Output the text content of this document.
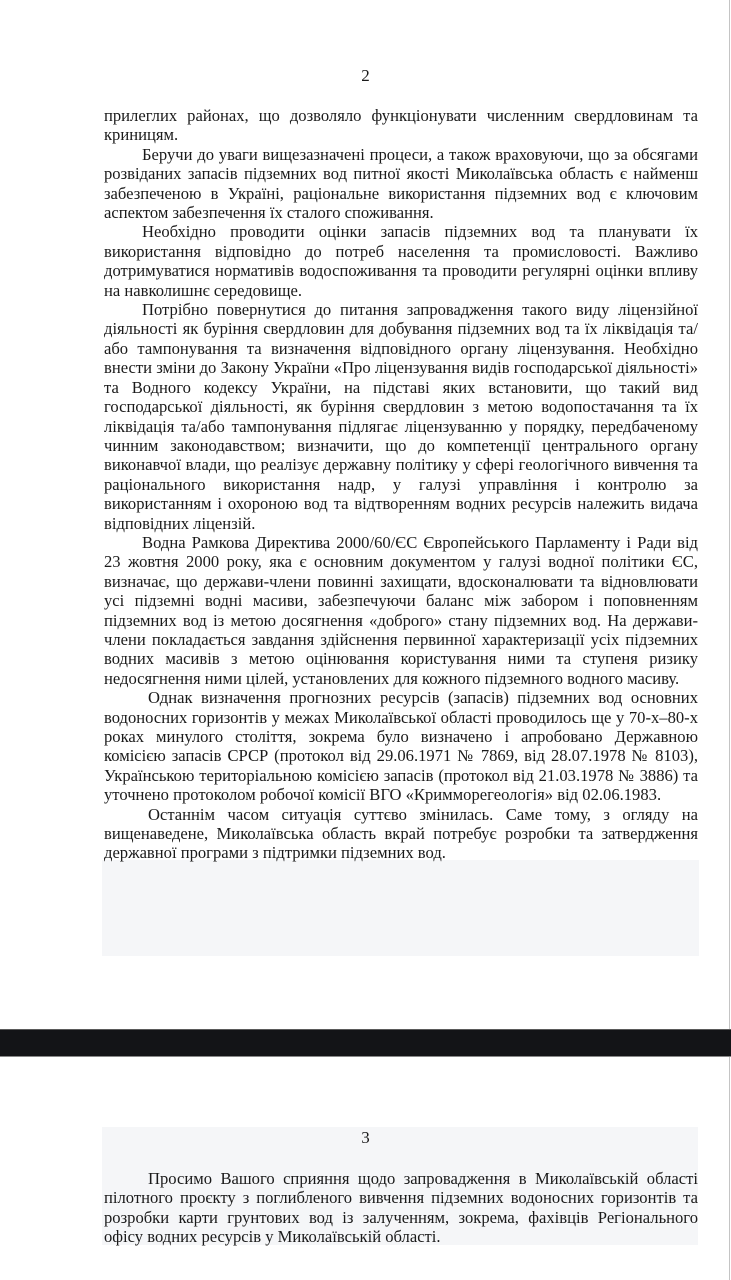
2

прилеглих районах, що дозволяло функціонувати численним свердловинам та криницям.

Беручи до уваги вищезазначені процеси, а також враховуючи, що за обсягами розвіданих запасів підземних вод питної якості Миколаївська область є найменш забезпеченою в Україні, раціональне використання підземних вод є ключовим аспектом забезпечення їх сталого споживання.

Необхідно проводити оцінки запасів підземних вод та планувати їх використання відповідно до потреб населення та промисловості. Важливо дотримуватися нормативів водоспоживання та проводити регулярні оцінки впливу на навколишнє середовище.

Потрібно повернутися до питання запровадження такого виду ліцензійної діяльності як буріння свердловин для добування підземних вод та їх ліквідація та/або тампонування та визначення відповідного органу ліцензування. Необхідно внести зміни до Закону України «Про ліцензування видів господарської діяльності» та Водного кодексу України, на підставі яких встановити, що такий вид господарської діяльності, як буріння свердловин з метою водопостачання та їх ліквідація та/або тампонування підлягає ліцензуванню у порядку, передбаченому чинним законодавством; визначити, що до компетенції центрального органу виконавчої влади, що реалізує державну політику у сфері геологічного вивчення та раціонального використання надр, у галузі управління і контролю за використанням і охороною вод та відтворенням водних ресурсів належить видача відповідних ліцензій.

Водна Рамкова Директива 2000/60/ЄС Європейського Парламенту і Ради від 23 жовтня 2000 року, яка є основним документом у галузі водної політики ЄС, визначає, що держави-члени повинні захищати, вдосконалювати та відновлювати усі підземні водні масиви, забезпечуючи баланс між забором і поповненням підземних вод із метою досягнення «доброго» стану підземних вод. На держави-члени покладається завдання здійснення первинної характеризації усіх підземних водних масивів з метою оцінювання користування ними та ступеня ризику недосягнення ними цілей, установлених для кожного підземного водного масиву.

Однак визначення прогнозних ресурсів (запасів) підземних вод основних водоносних горизонтів у межах Миколаївської області проводилось ще у 70-х–80-х роках минулого століття, зокрема було визначено і апробовано Державною комісією запасів СРСР (протокол від 29.06.1971 № 7869, від 28.07.1978 № 8103), Українською територіальною комісією запасів (протокол від 21.03.1978 № 3886) та уточнено протоколом робочої комісії ВГО «Кримморегеологія» від 02.06.1983.

Останнім часом ситуація суттєво змінилась. Саме тому, з огляду на вищенаведене, Миколаївська область вкрай потребує розробки та затвердження державної програми з підтримки підземних вод.

3

Просимо Вашого сприяння щодо запровадження в Миколаївській області пілотного проєкту з поглибленого вивчення підземних водоносних горизонтів та розробки карти грунтових вод із залученням, зокрема, фахівців Регіонального офісу водних ресурсів у Миколаївській області.
